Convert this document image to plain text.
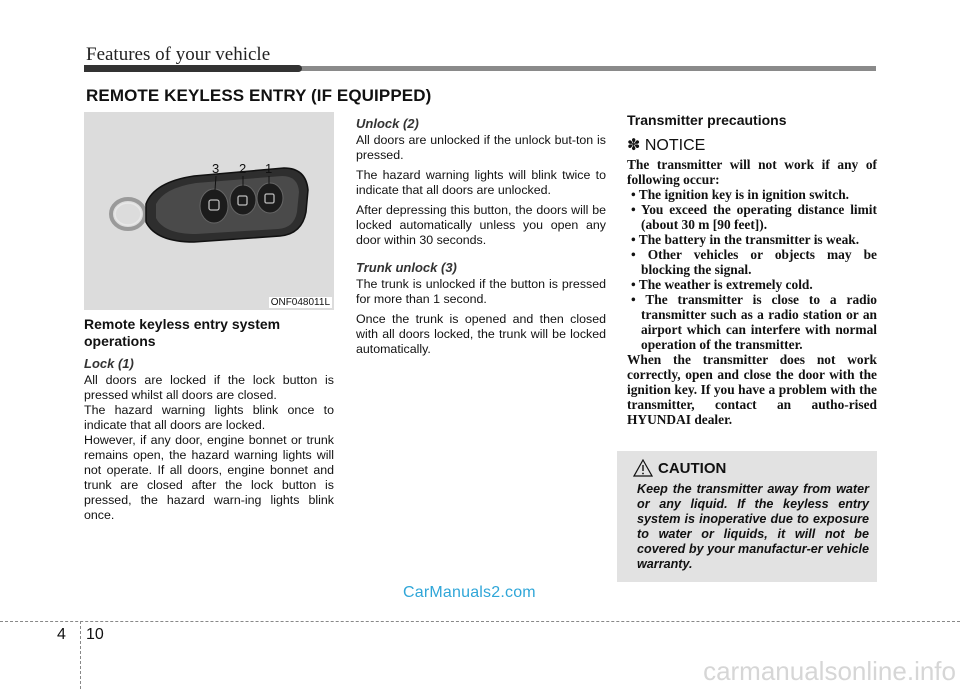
Features of your vehicle
REMOTE KEYLESS ENTRY (IF EQUIPPED)
3 2 1
ONF048011L
Remote keyless entry system operations
Lock (1)

All doors are locked if the lock button is pressed whilst all doors are closed.

The hazard warning lights blink once to indicate that all doors are locked.

However, if any door, engine bonnet or trunk remains open, the hazard warning lights will not operate. If all doors, engine bonnet and trunk are closed after the lock button is pressed, the hazard warn-ing lights blink once.

Unlock (2)

All doors are unlocked if the unlock but-ton is pressed.

The hazard warning lights will blink twice to indicate that all doors are unlocked.

After depressing this button, the doors will be locked automatically unless you open any door within 30 seconds.

Trunk unlock (3)

The trunk is unlocked if the button is pressed for more than 1 second.

Once the trunk is opened and then closed with all doors locked, the trunk will be locked automatically.

Transmitter precautions
✽ NOTICE

The transmitter will not work if any of following occur:

• The ignition key is in ignition switch.
• You exceed the operating distance limit (about 30 m [90 feet]).
• The battery in the transmitter is weak.
• Other vehicles or objects may be blocking the signal.
• The weather is extremely cold.
• The transmitter is close to a radio transmitter such as a radio station or an airport which can interfere with normal operation of the transmitter.

When the transmitter does not work correctly, open and close the door with the ignition key. If you have a problem with the transmitter, contact an autho-rised HYUNDAI dealer.

CAUTION
Keep the transmitter away from water or any liquid. If the keyless entry system is inoperative due to exposure to water or liquids, it will not be covered by your manufactur-er vehicle warranty.
CarManuals2.com
4 10
carmanualsonline.info
